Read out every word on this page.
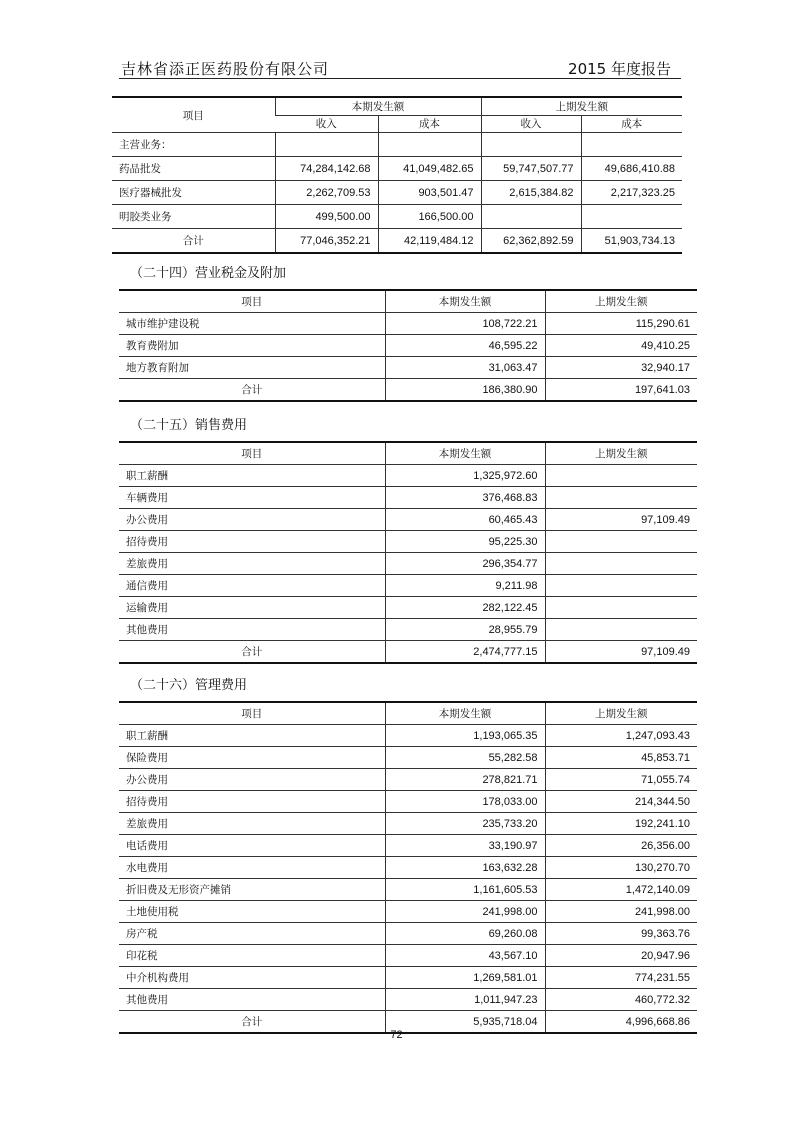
吉林省添正医药股份有限公司	2015 年度报告
项目	本期发生额		上期发生额	
	收入	成本	收入	成本
主营业务：				
药品批发	74,284,142.68	41,049,482.65	59,747,507.77	49,686,410.88
医疗器械批发	2,262,709.53	903,501.47	2,615,384.82	2,217,323.25
明胶类业务	499,500.00	166,500.00		
合计	77,046,352.21	42,119,484.12	62,362,892.59	51,903,734.13
（二十四）营业税金及附加
项目	本期发生额	上期发生额
城市维护建设税	108,722.21	115,290.61
教育费附加	46,595.22	49,410.25
地方教育附加	31,063.47	32,940.17
合计	186,380.90	197,641.03
（二十五）销售费用
项目	本期发生额	上期发生额
职工薪酬	1,325,972.60	
车辆费用	376,468.83	
办公费用	60,465.43	97,109.49
招待费用	95,225.30	
差旅费用	296,354.77	
通信费用	9,211.98	
运输费用	282,122.45	
其他费用	28,955.79	
合计	2,474,777.15	97,109.49
（二十六）管理费用
项目	本期发生额	上期发生额
职工薪酬	1,193,065.35	1,247,093.43
保险费用	55,282.58	45,853.71
办公费用	278,821.71	71,055.74
招待费用	178,033.00	214,344.50
差旅费用	235,733.20	192,241.10
电话费用	33,190.97	26,356.00
水电费用	163,632.28	130,270.70
折旧费及无形资产摊销	1,161,605.53	1,472,140.09
土地使用税	241,998.00	241,998.00
房产税	69,260.08	99,363.76
印花税	43,567.10	20,947.96
中介机构费用	1,269,581.01	774,231.55
其他费用	1,011,947.23	460,772.32
合计	5,935,718.04	4,996,668.86
72
